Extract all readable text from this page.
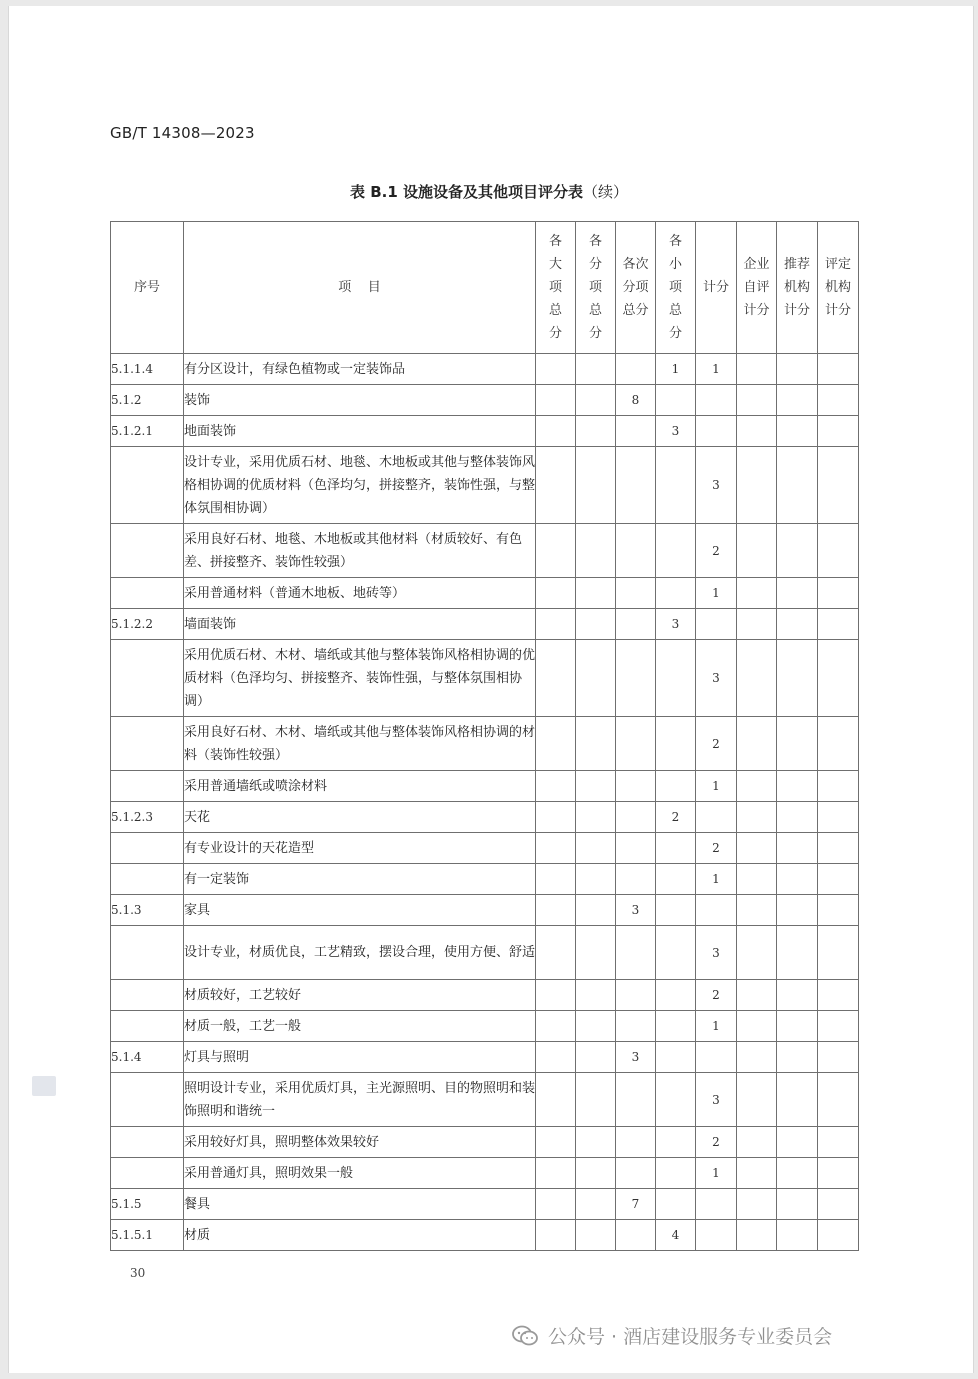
GB/T 14308—2023
表 B.1 设施设备及其他项目评分表（续）
序号	项    目	各大项总分	各分项总分	各次分项总分	各小项总分	计分	企业自评计分	推荐机构计分	评定机构计分
5.1.1.4	有分区设计，有绿色植物或一定装饰品				1	1			
5.1.2	装饰			8					
5.1.2.1	地面装饰				3				
	设计专业，采用优质石材、地毯、木地板或其他与整体装饰风格相协调的优质材料（色泽均匀，拼接整齐，装饰性强，与整体氛围相协调）					3			
	采用良好石材、地毯、木地板或其他材料（材质较好、有色差、拼接整齐、装饰性较强）					2			
	采用普通材料（普通木地板、地砖等）					1			
5.1.2.2	墙面装饰				3				
	采用优质石材、木材、墙纸或其他与整体装饰风格相协调的优质材料（色泽均匀、拼接整齐、装饰性强，与整体氛围相协调）					3			
	采用良好石材、木材、墙纸或其他与整体装饰风格相协调的材料（装饰性较强）					2			
	采用普通墙纸或喷涂材料					1			
5.1.2.3	天花				2				
	有专业设计的天花造型					2			
	有一定装饰					1			
5.1.3	家具			3					
	设计专业，材质优良，工艺精致，摆设合理，使用方便、舒适					3			
	材质较好，工艺较好					2			
	材质一般，工艺一般					1			
5.1.4	灯具与照明			3					
	照明设计专业，采用优质灯具，主光源照明、目的物照明和装饰照明和谐统一					3			
	采用较好灯具，照明整体效果较好					2			
	采用普通灯具，照明效果一般					1			
5.1.5	餐具			7					
5.1.5.1	材质				4				
30
公众号 · 酒店建设服务专业委员会
